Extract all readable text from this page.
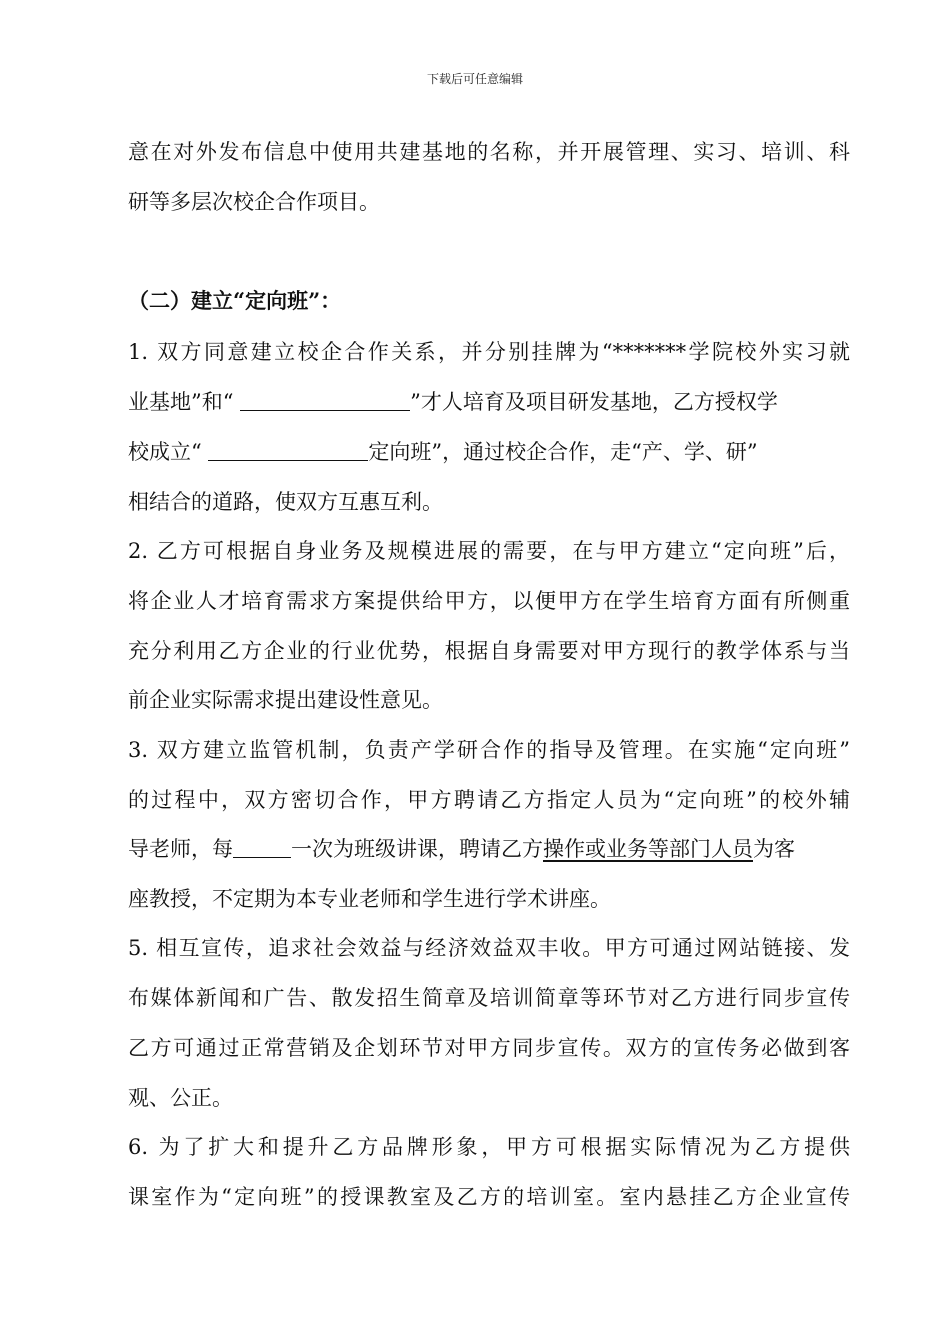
下载后可任意编辑
意在对外发布信息中使用共建基地的名称，并开展管理、实习、培训、科
研等多层次校企合作项目。
（二）建立“定向班”：
1. 双方同意建立校企合作关系，并分别挂牌为“*******学院校外实习就
业基地”和“	”才人培育及项目研发基地，乙方授权学
校成立“	定向班”，通过校企合作，走“产、学、研”
相结合的道路，使双方互惠互利。
2. 乙方可根据自身业务及规模进展的需要，在与甲方建立“定向班”后，
将企业人才培育需求方案提供给甲方，以便甲方在学生培育方面有所侧重
充分利用乙方企业的行业优势，根据自身需要对甲方现行的教学体系与当
前企业实际需求提出建设性意见。
3. 双方建立监管机制，负责产学研合作的指导及管理。在实施“定向班”
的过程中，双方密切合作，甲方聘请乙方指定人员为“定向班”的校外辅
导老师，每	一次为班级讲课，聘请乙方操作或业务等部门人员为客
座教授，不定期为本专业老师和学生进行学术讲座。
5. 相互宣传，追求社会效益与经济效益双丰收。甲方可通过网站链接、发
布媒体新闻和广告、散发招生简章及培训简章等环节对乙方进行同步宣传
乙方可通过正常营销及企划环节对甲方同步宣传。双方的宣传务必做到客
观、公正。
6. 为了扩大和提升乙方品牌形象，甲方可根据实际情况为乙方提供
课室作为“定向班”的授课教室及乙方的培训室。室内悬挂乙方企业宣传
